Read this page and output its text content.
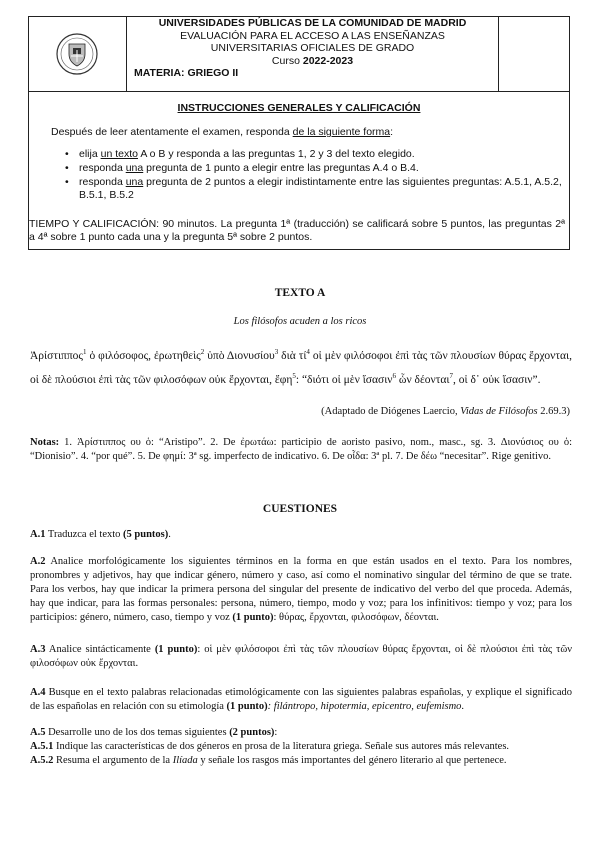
UNIVERSIDADES PÚBLICAS DE LA COMUNIDAD DE MADRID
EVALUACIÓN PARA EL ACCESO A LAS ENSEÑANZAS
UNIVERSITARIAS OFICIALES DE GRADO
Curso 2022-2023
MATERIA: GRIEGO II
INSTRUCCIONES GENERALES Y CALIFICACIÓN
Después de leer atentamente el examen, responda de la siguiente forma:
• elija un texto A o B y responda a las preguntas 1, 2 y 3 del texto elegido.
• responda una pregunta de 1 punto a elegir entre las preguntas A.4 o B.4.
• responda una pregunta de 2 puntos a elegir indistintamente entre las siguientes preguntas: A.5.1, A.5.2, B.5.1, B.5.2
TIEMPO Y CALIFICACIÓN: 90 minutos. La pregunta 1ª (traducción) se calificará sobre 5 puntos, las preguntas 2ª a 4ª sobre 1 punto cada una y la pregunta 5ª sobre 2 puntos.
TEXTO A
Los filósofos acuden a los ricos
Ἀρίστιππος$^1$ ὁ φιλόσοφος, ἐρωτηθεὶς$^2$ ὑπὸ Διονυσίου$^3$ διὰ $\tau ί^4$ οἱ μὲν φιλόσοφοι ἐπὶ τὰς τῶν πλουσίων θύρας ἔρχονται, οἱ δὲ πλούσιοι ἐπὶ τὰς τῶν φιλοσόφων οὐκ ἔρχονται, ἔφη$^5$: “διότι οἱ μὲν ἴσασιν$^6$ ὧν δέονται$^7$, οἱ δ᾽ οὐκ ἴσασιν”.
(Adaptado de Diógenes Laercio, Vidas de Filósofos 2.69.3)
Notas: 1. Ἀρίστιππος ου ὁ: “Aristipo”. 2. De ἐρωτάω: participio de aoristo pasivo, nom., masc., sg. 3. Διονύσιος ου ὁ: “Dionisio”. 4. “por qué”. 5. De φημί: 3ª sg. imperfecto de indicativo. 6. De οἶδα: 3ª pl. 7. De δέω “necesitar”. Rige genitivo.
CUESTIONES
A.1 Traduzca el texto (5 puntos).
A.2 Analice morfológicamente los siguientes términos en la forma en que están usados en el texto. Para los nombres, pronombres y adjetivos, hay que indicar género, número y caso, así como el nominativo singular del término de que se trate. Para los verbos, hay que indicar la primera persona del singular del presente de indicativo del verbo del que proceda. Además, hay que indicar, para las formas personales: persona, número, tiempo, modo y voz; para los infinitivos: tiempo y voz; para los participios: género, número, caso, tiempo y voz (1 punto): θύρας, ἔρχονται, φιλοσόφων, δέονται.
A.3 Analice sintácticamente (1 punto): οἱ μὲν φιλόσοφοι ἐπὶ τὰς τῶν πλουσίων θύρας ἔρχονται, οἱ δὲ πλούσιοι ἐπὶ τὰς τῶν φιλοσόφων οὐκ ἔρχονται.
A.4 Busque en el texto palabras relacionadas etimológicamente con las siguientes palabras españolas, y explique el significado de las españolas en relación con su etimología (1 punto): filántropo, hipotermia, epicentro, eufemismo.
A.5 Desarrolle uno de los dos temas siguientes (2 puntos):
A.5.1 Indique las características de dos géneros en prosa de la literatura griega. Señale sus autores más relevantes.
A.5.2 Resuma el argumento de la Ilíada y señale los rasgos más importantes del género literario al que pertenece.
